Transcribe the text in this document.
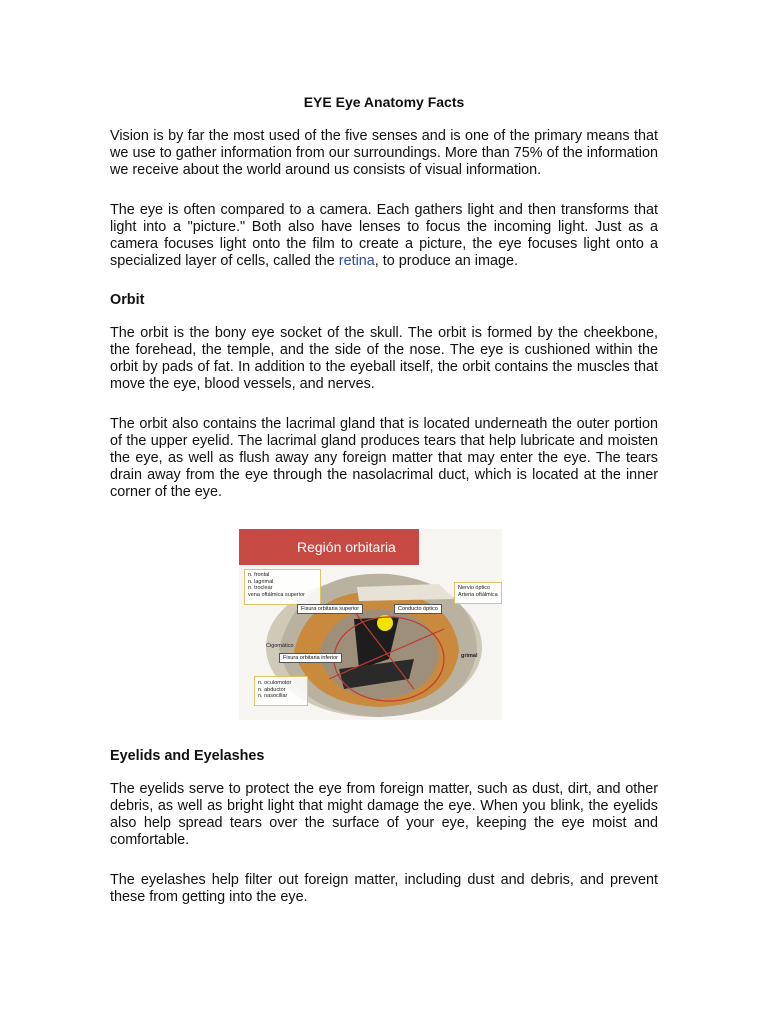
EYE Eye Anatomy Facts

Vision is by far the most used of the five senses and is one of the primary means that we use to gather information from our surroundings. More than 75% of the information we receive about the world around us consists of visual information.

The eye is often compared to a camera. Each gathers light and then transforms that light into a "picture." Both also have lenses to focus the incoming light. Just as a camera focuses light onto the film to create a picture, the eye focuses light onto a specialized layer of cells, called the retina, to produce an image.

Orbit

The orbit is the bony eye socket of the skull. The orbit is formed by the cheekbone, the forehead, the temple, and the side of the nose. The eye is cushioned within the orbit by pads of fat. In addition to the eyeball itself, the orbit contains the muscles that move the eye, blood vessels, and nerves.

The orbit also contains the lacrimal gland that is located underneath the outer portion of the upper eyelid. The lacrimal gland produces tears that help lubricate and moisten the eye, as well as flush away any foreign matter that may enter the eye. The tears drain away from the eye through the nasolacrimal duct, which is located at the inner corner of the eye.

Región orbitaria
n. frontal
n. lagrimal
n. troclear
vena oftálmica superior
Nervio óptico
Arteria oftálmica
Fisura orbitaria superior	Conducto óptico
Cigomático
Fisura orbitaria inferior	grimal
n. oculomotor
n. abductor
n. nasociliar
Eyelids and Eyelashes

The eyelids serve to protect the eye from foreign matter, such as dust, dirt, and other debris, as well as bright light that might damage the eye. When you blink, the eyelids also help spread tears over the surface of your eye, keeping the eye moist and comfortable.

The eyelashes help filter out foreign matter, including dust and debris, and prevent these from getting into the eye.
